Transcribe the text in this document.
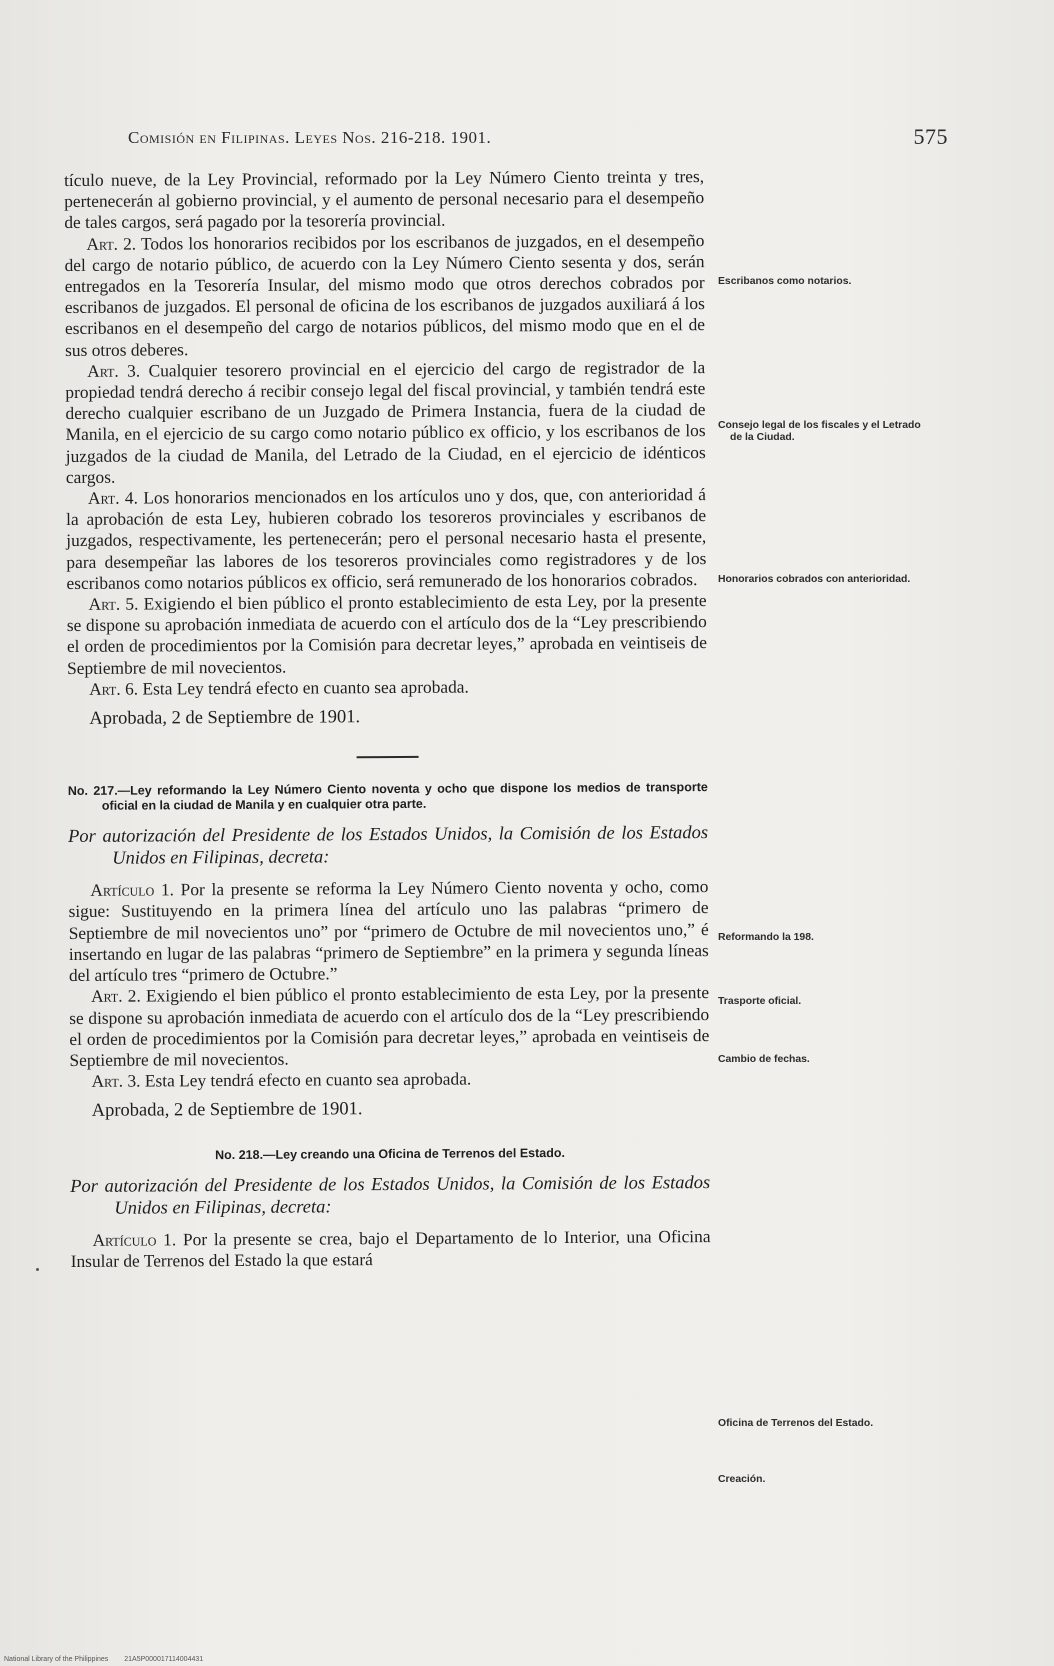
Comisión en Filipinas. Leyes Nos. 216-218. 1901.	575

tículo nueve, de la Ley Provincial, reformado por la Ley Número Ciento treinta y tres, pertenecerán al gobierno provincial, y el aumento de personal necesario para el desempeño de tales cargos, será pagado por la tesorería provincial.

Art. 2. Todos los honorarios recibidos por los escribanos de juzgados, en el desempeño del cargo de notario público, de acuerdo con la Ley Número Ciento sesenta y dos, serán entregados en la Tesorería Insular, del mismo modo que otros derechos cobrados por escribanos de juzgados. El personal de oficina de los escribanos de juzgados auxiliará á los escribanos en el desempeño del cargo de notarios públicos, del mismo modo que en el de sus otros deberes.

Art. 3. Cualquier tesorero provincial en el ejercicio del cargo de registrador de la propiedad tendrá derecho á recibir consejo legal del fiscal provincial, y también tendrá este derecho cualquier escribano de un Juzgado de Primera Instancia, fuera de la ciudad de Manila, en el ejercicio de su cargo como notario público ex officio, y los escribanos de los juzgados de la ciudad de Manila, del Letrado de la Ciudad, en el ejercicio de idénticos cargos.

Art. 4. Los honorarios mencionados en los artículos uno y dos, que, con anterioridad á la aprobación de esta Ley, hubieren cobrado los tesoreros provinciales y escribanos de juzgados, respectivamente, les pertenecerán; pero el personal necesario hasta el presente, para desempeñar las labores de los tesoreros provinciales como registradores y de los escribanos como notarios públicos ex officio, será remunerado de los honorarios cobrados.

Art. 5. Exigiendo el bien público el pronto establecimiento de esta Ley, por la presente se dispone su aprobación inmediata de acuerdo con el artículo dos de la “Ley prescribiendo el orden de procedimientos por la Comisión para decretar leyes,” aprobada en veintiseis de Septiembre de mil novecientos.

Art. 6. Esta Ley tendrá efecto en cuanto sea aprobada.

Aprobada, 2 de Septiembre de 1901.

No. 217.—Ley reformando la Ley Número Ciento noventa y ocho que dispone los medios de transporte oficial en la ciudad de Manila y en cualquier otra parte.
Por autorización del Presidente de los Estados Unidos, la Comisión de los Estados Unidos en Filipinas, decreta:

Artículo 1. Por la presente se reforma la Ley Número Ciento noventa y ocho, como sigue: Sustituyendo en la primera línea del artículo uno las palabras “primero de Septiembre de mil novecientos uno” por “primero de Octubre de mil novecientos uno,” é insertando en lugar de las palabras “primero de Septiembre” en la primera y segunda líneas del artículo tres “primero de Octubre.”

Art. 2. Exigiendo el bien público el pronto establecimiento de esta Ley, por la presente se dispone su aprobación inmediata de acuerdo con el artículo dos de la “Ley prescribiendo el orden de procedimientos por la Comisión para decretar leyes,” aprobada en veintiseis de Septiembre de mil novecientos.

Art. 3. Esta Ley tendrá efecto en cuanto sea aprobada.

Aprobada, 2 de Septiembre de 1901.

No. 218.—Ley creando una Oficina de Terrenos del Estado.
Por autorización del Presidente de los Estados Unidos, la Comisión de los Estados Unidos en Filipinas, decreta:

Artículo 1. Por la presente se crea, bajo el Departamento de lo Interior, una Oficina Insular de Terrenos del Estado la que estará

Escribanos como notarios.
Consejo legal de los fiscales y el Letrado de la Ciudad.
Honorarios cobrados con anterioridad.
Reformando la 198.
Trasporte oficial.
Cambio de fechas.
Oficina de Terrenos del Estado.
Creación.
National Library of the Philippines 21A5P000017114004431
